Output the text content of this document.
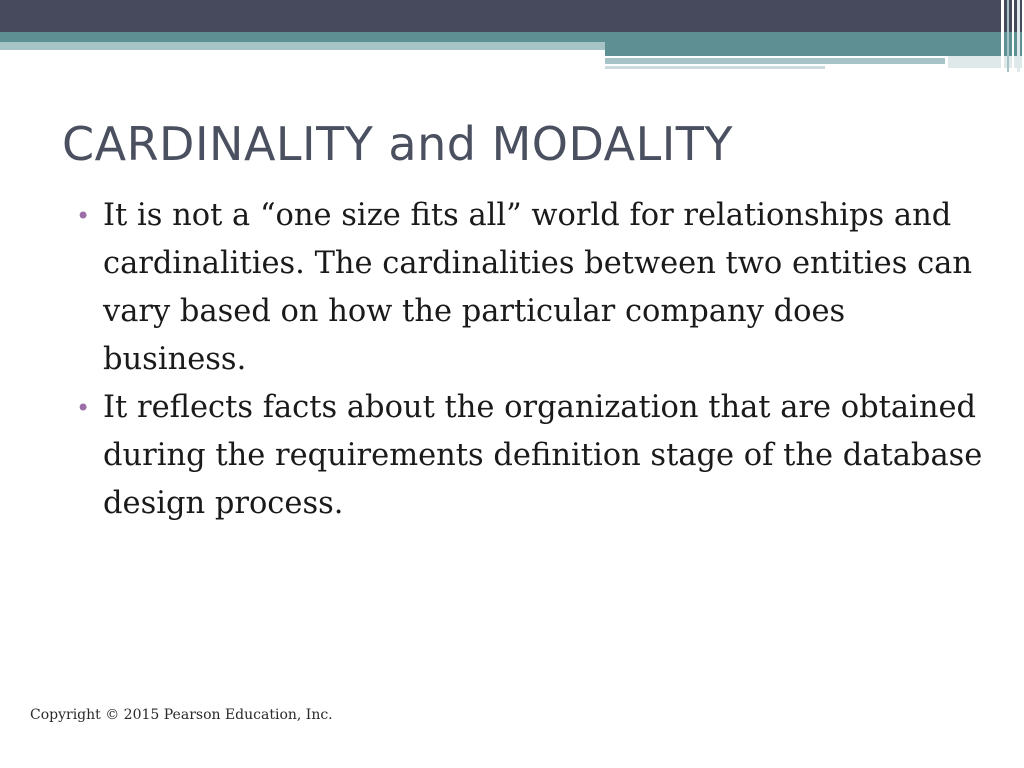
CARDINALITY and MODALITY
• It is not a “one size fits all” world for relationships and cardinalities. The cardinalities between two entities can vary based on how the particular company does business.
• It reflects facts about the organization that are obtained during the requirements definition stage of the database design process.
Copyright © 2015 Pearson Education, Inc.
